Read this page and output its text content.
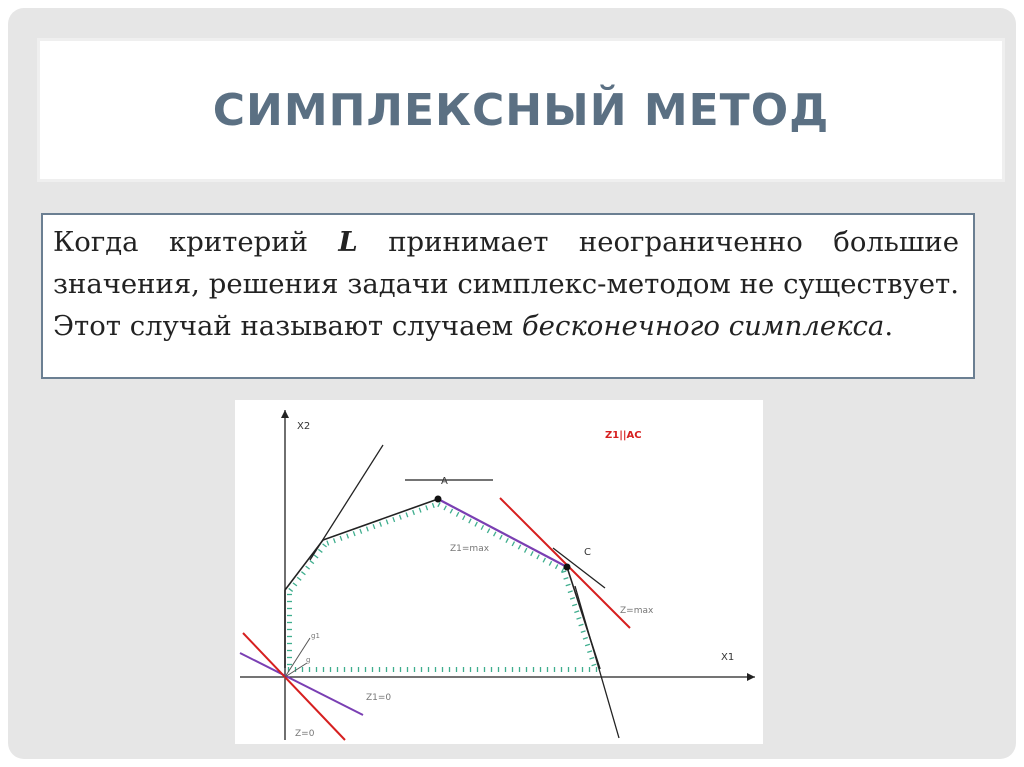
СИМПЛЕКСНЫЙ МЕТОД
Когда критерий L принимает неограниченно большие значения, решения задачи симплекс-методом не существует. Этот случай называют случаем бесконечного симплекса.
X2
X1
Z1||AC
A
C
Z1=max
Z=max
Z1=0
Z=0
g1
g
